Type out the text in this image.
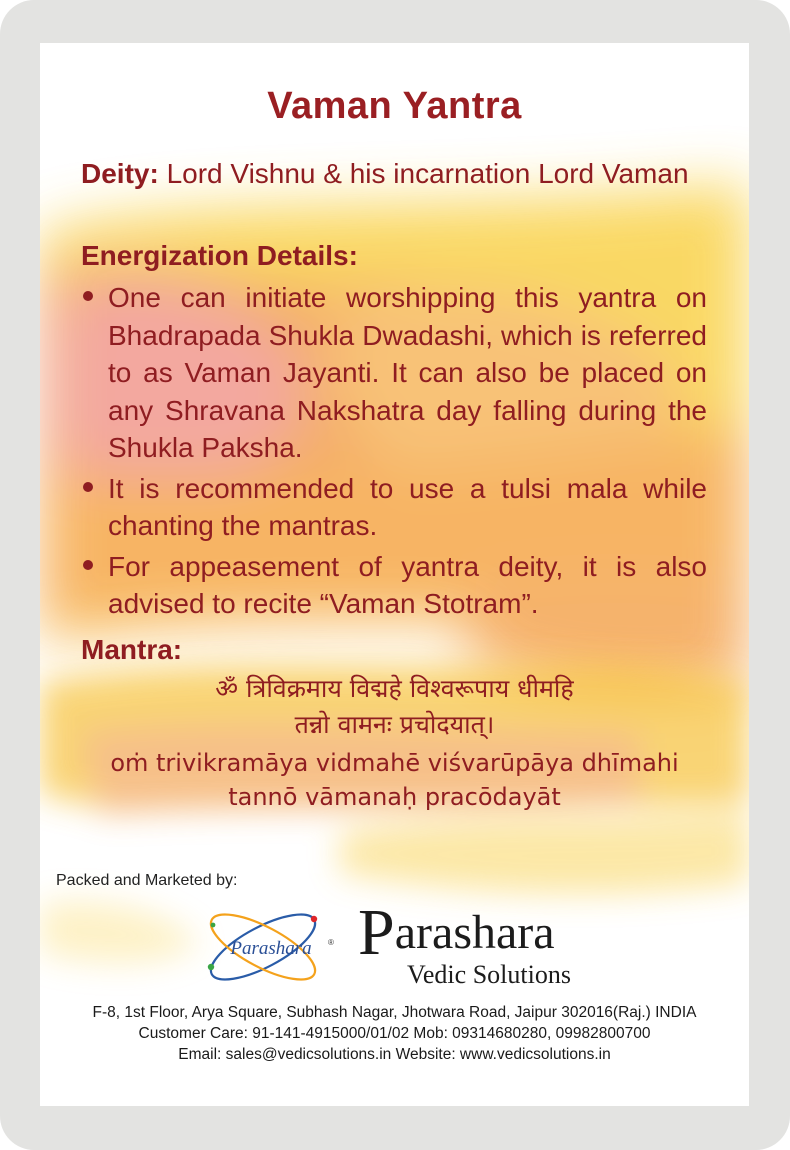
Vaman Yantra
Deity: Lord Vishnu & his incarnation Lord Vaman
Energization Details:
One can initiate worshipping this yantra on Bhadrapada Shukla Dwadashi, which is referred to as Vaman Jayanti. It can also be placed on any Shravana Nakshatra day falling during the Shukla Paksha.
It is recommended to use a tulsi mala while chanting the mantras.
For appeasement of yantra deity, it is also advised to recite “Vaman Stotram”.
Mantra:
ॐ त्रिविक्रमाय विद्महे विश्वरूपाय धीमहि
तन्नो वामनः प्रचोदयात्।
oṁ trivikramāya vidmahē viśvarūpāya dhīmahi
tannō vāmanaḥ pracōdayāt
Packed and Marketed by:
Parashara ® Parashara
Vedic Solutions
F-8, 1st Floor, Arya Square, Subhash Nagar, Jhotwara Road, Jaipur 302016(Raj.) INDIA
Customer Care: 91-141-4915000/01/02 Mob: 09314680280, 09982800700
Email: sales@vedicsolutions.in Website: www.vedicsolutions.in
